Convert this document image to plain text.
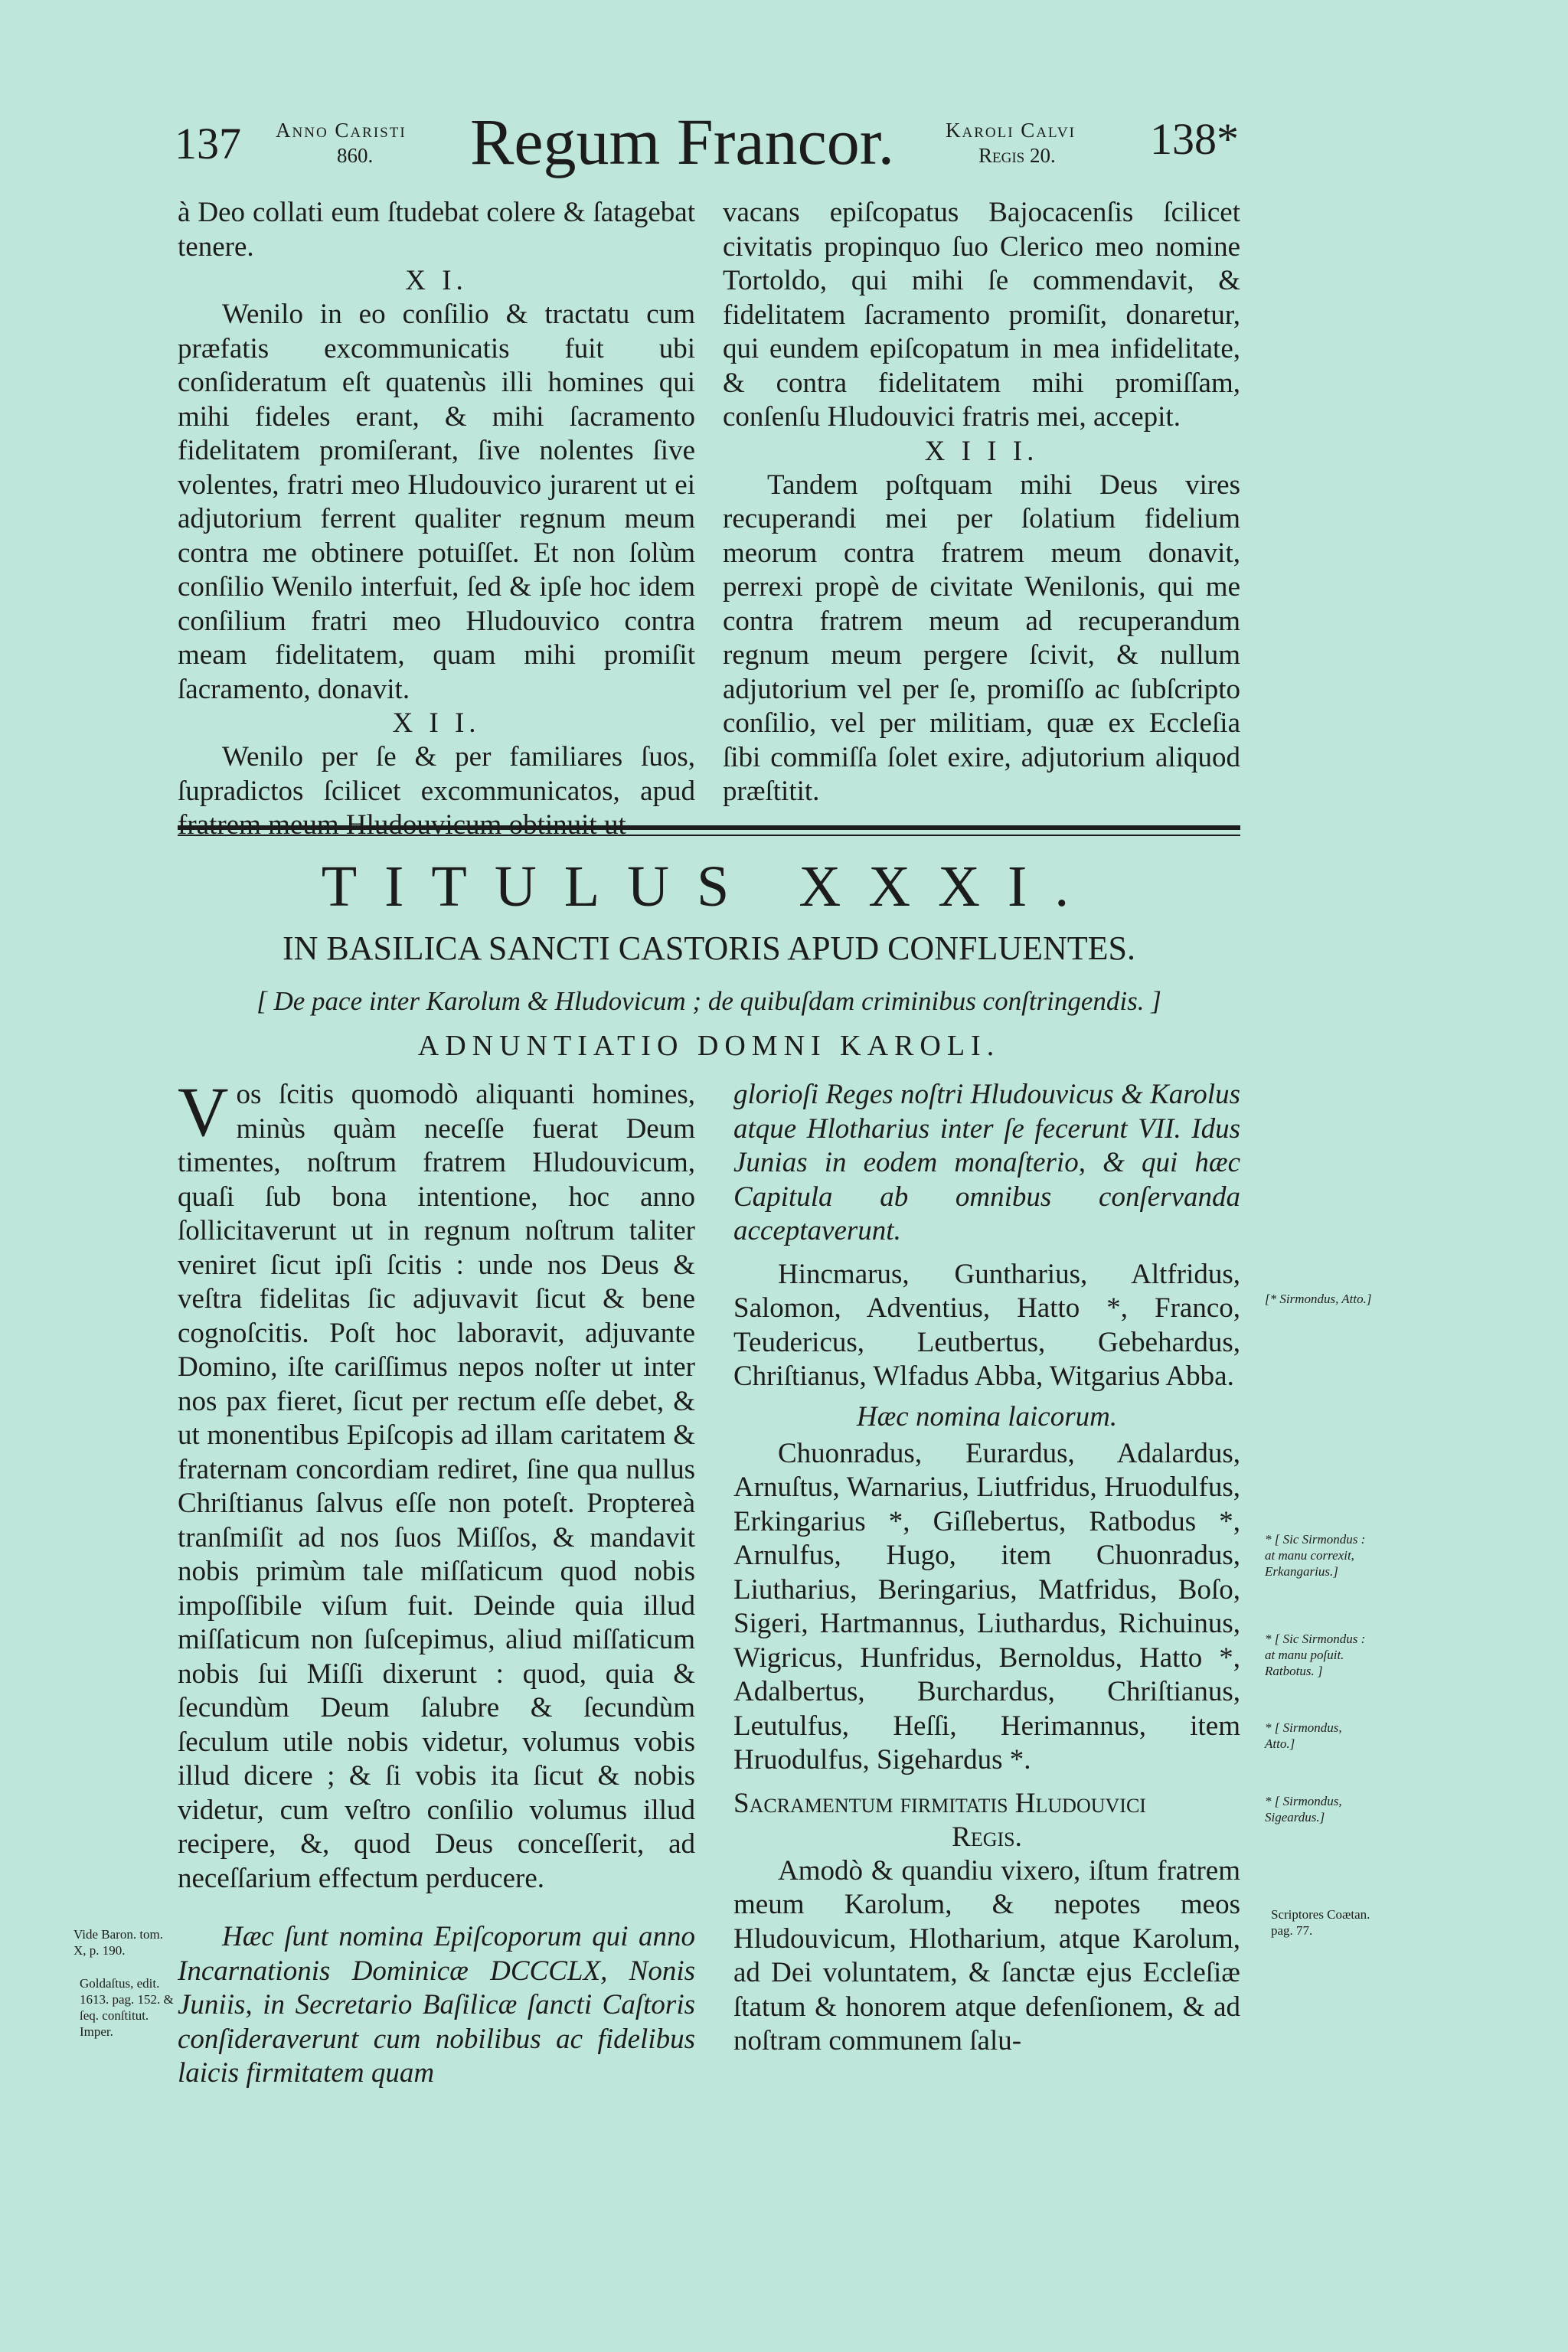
137 Anno Caristi
860. Regum Francor. Karoli Calvi
Regis 20. 138*

à Deo collati eum ſtudebat colere & ſatagebat tenere.

X I.

Wenilo in eo conſilio & tractatu cum præfatis excommunicatis fuit ubi conſideratum eſt quatenùs illi homines qui mihi fideles erant, & mihi ſacramento fidelitatem promiſerant, ſive nolentes ſive volentes, fratri meo Hludouvico jurarent ut ei adjutorium ferrent qualiter regnum meum contra me obtinere potuiſſet. Et non ſolùm conſilio Wenilo interfuit, ſed & ipſe hoc idem conſilium fratri meo Hludouvico contra meam fidelitatem, quam mihi promiſit ſacramento, donavit.

X I I.

Wenilo per ſe & per familiares ſuos, ſupradictos ſcilicet excommunicatos, apud

vacans epiſcopatus Bajocacenſis ſcilicet civitatis propinquo ſuo Clerico meo nomine Tortoldo, qui mihi ſe commendavit, & fidelitatem ſacramento promiſit, donaretur, qui eundem epiſcopatum in mea infidelitate, & contra fidelitatem mihi promiſſam, conſenſu Hludouvici fratris mei, accepit.

X I I I.

Tandem poſtquam mihi Deus vires recuperandi mei per ſolatium fidelium meorum contra fratrem meum donavit, perrexi propè de civitate Wenilonis, qui me contra fratrem meum ad recuperandum regnum meum pergere ſcivit, & nullum adjutorium vel per ſe, promiſſo ac ſubſcripto conſilio, vel per militiam, quæ ex Eccleſia ſibi commiſſa ſolet exire, adjutorium aliquod præſtitit.

TITULUS XXXI.
IN BASILICA SANCTI CASTORIS APUD CONFLUENTES.
[ De pace inter Karolum & Hludovicum ; de quibuſdam criminibus conſtringendis. ]
ADNUNTIATIO DOMNI KAROLI.

Vos ſcitis quomodò aliquanti homines, minùs quàm neceſſe fuerat Deum timentes, noſtrum fratrem Hludouvicum, quaſi ſub bona intentione, hoc anno ſollicitaverunt ut in regnum noſtrum taliter veniret ſicut ipſi ſcitis : unde nos Deus & veſtra fidelitas ſic adjuvavit ſicut & bene cognoſcitis. Poſt hoc laboravit, adjuvante Domino, iſte cariſſimus nepos noſter ut inter nos pax fieret, ſicut per rectum eſſe debet, & ut monentibus Epiſcopis ad illam caritatem & fraternam concordiam rediret, ſine qua nullus Chriſtianus ſalvus eſſe non poteſt. Proptereà tranſmiſit ad nos ſuos Miſſos, & mandavit nobis primùm tale miſſaticum quod nobis impoſſibile viſum fuit. Deinde quia illud miſſaticum non ſuſcepimus, aliud miſſaticum nobis ſui Miſſi dixerunt : quod, quia & ſecundùm Deum ſalubre & ſecundùm ſeculum utile nobis videtur, volumus vobis illud dicere ; & ſi vobis ita ſicut & nobis videtur, cum veſtro conſilio volumus illud recipere, &, quod Deus conceſſerit, ad neceſſarium effectum perducere.

Hæc ſunt nomina Epiſcoporum qui anno Incarnationis Dominicæ DCCCLX, Nonis Juniis, in Secretario Baſilicæ ſancti Caſtoris conſideraverunt cum nobilibus ac fidelibus laicis firmitatem quam

glorioſi Reges noſtri Hludouvicus & Karolus atque Hlotharius inter ſe fecerunt VII. Idus Junias in eodem monaſterio, & qui hæc Capitula ab omnibus conſervanda acceptaverunt.

Hincmarus, Guntharius, Altfridus, Salomon, Adventius, Hatto *, Franco, Teudericus, Leutbertus, Gebehardus, Chriſtianus, Wlfadus Abba, Witgarius Abba.

Hæc nomina laicorum.

Chuonradus, Eurardus, Adalardus, Arnuſtus, Warnarius, Liutfridus, Hruodulfus, Erkingarius *, Giſlebertus, Ratbodus *, Arnulfus, Hugo, item Chuonradus, Liutharius, Beringarius, Matfridus, Boſo, Sigeri, Hartmannus, Liuthardus, Richuinus, Wigricus, Hunfridus, Bernoldus, Hatto *, Adalbertus, Burchardus, Chriſtianus, Leutulfus, Heſſi, Herimannus, item Hruodulfus, Sigehardus *.

Sacramentum firmitatis Hludouvici

Regis.

Amodò & quandiu vixero, iſtum fratrem meum Karolum, & nepotes meos Hludouvicum, Hlotharium, atque Karolum, ad Dei voluntatem, & ſanctæ ejus Eccleſiæ ſtatum & honorem atque defenſionem, & ad noſtram communem ſalu-

Vide Baron. tom. X, p. 190.
Goldaſtus, edit. 1613. pag. 152. & ſeq. conſtitut. Imper.
[* Sirmondus, Atto.]
* [ Sic Sirmondus : at manu correxit, Erkangarius.]
* [ Sic Sirmondus : at manu poſuit. Ratbotus. ]
* [ Sirmondus, Atto.]
* [ Sirmondus, Sigeardus.]
Scriptores Coætan. pag. 77.
